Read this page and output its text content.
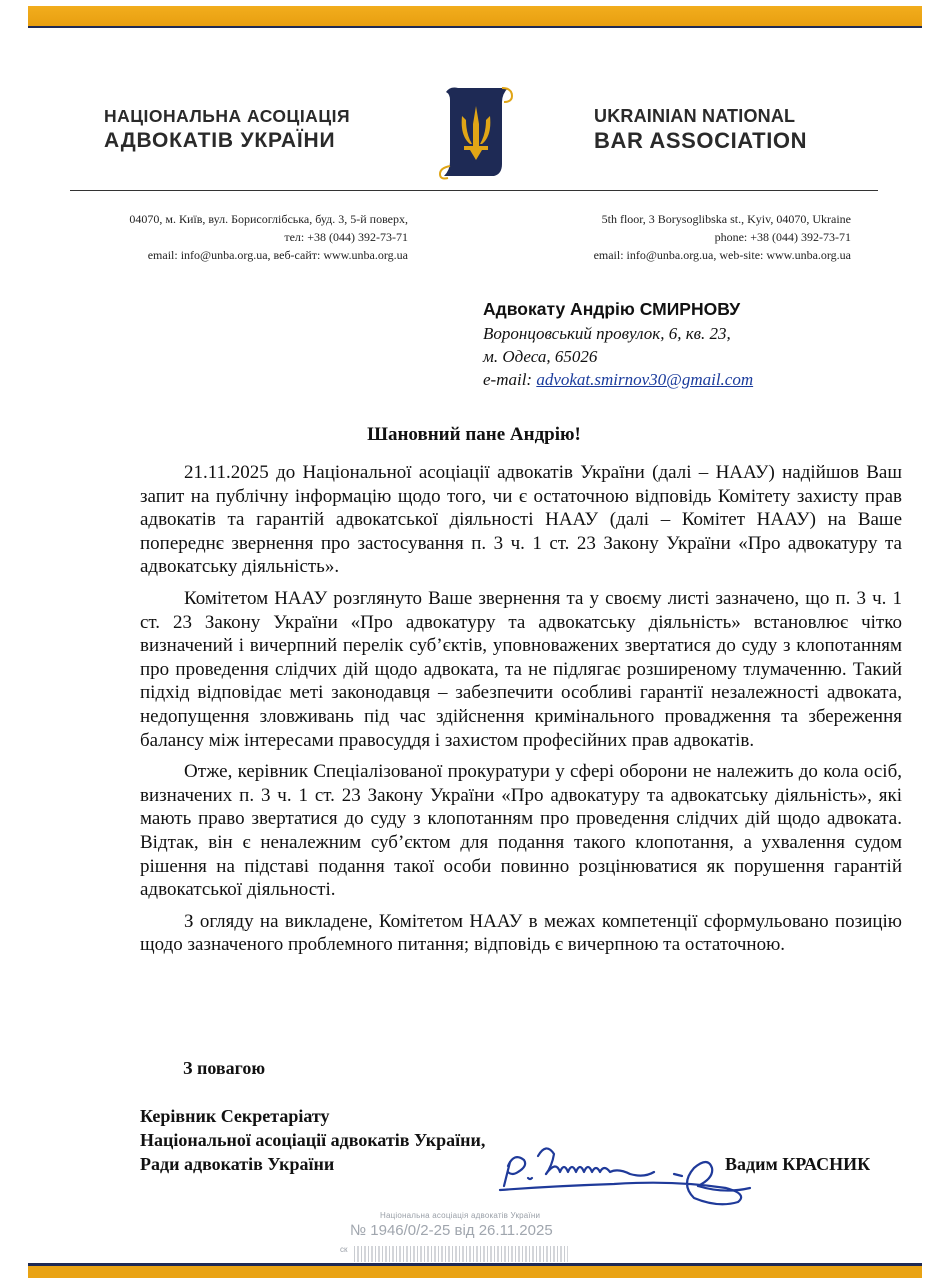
НАЦІОНАЛЬНА АСОЦІАЦІЯ
АДВОКАТІВ УКРАЇНИ
UKRAINIAN NATIONAL
BAR ASSOCIATION
04070, м. Київ, вул. Борисоглібська, буд. 3, 5-й поверх,
тел: +38 (044) 392-73-71
email: info@unba.org.ua, веб-сайт: www.unba.org.ua
5th floor, 3 Borysoglibska st., Kyiv, 04070, Ukraine
phone: +38 (044) 392-73-71
email: info@unba.org.ua, web-site: www.unba.org.ua
Адвокату Андрію СМИРНОВУ
Воронцовський провулок, 6, кв. 23,
м. Одеса, 65026
e-mail: advokat.smirnov30@gmail.com
Шановний пане Андрію!

21.11.2025 до Національної асоціації адвокатів України (далі – НААУ) надійшов Ваш запит на публічну інформацію щодо того, чи є остаточною відповідь Комітету захисту прав адвокатів та гарантій адвокатської діяльності НААУ (далі – Комітет НААУ) на Ваше попереднє звернення про застосування п. 3 ч. 1 ст. 23 Закону України «Про адвокатуру та адвокатську діяльність».

Комітетом НААУ розглянуто Ваше звернення та у своєму листі зазначено, що п. 3 ч. 1 ст. 23 Закону України «Про адвокатуру та адвокатську діяльність» встановлює чітко визначений і вичерпний перелік суб’єктів, уповноважених звертатися до суду з клопотанням про проведення слідчих дій щодо адвоката, та не підлягає розширеному тлумаченню. Такий підхід відповідає меті законодавця – забезпечити особливі гарантії незалежності адвоката, недопущення зловживань під час здійснення кримінального провадження та збереження балансу між інтересами правосуддя і захистом професійних прав адвокатів.

Отже, керівник Спеціалізованої прокуратури у сфері оборони не належить до кола осіб, визначених п. 3 ч. 1 ст. 23 Закону України «Про адвокатуру та адвокатську діяльність», які мають право звертатися до суду з клопотанням про проведення слідчих дій щодо адвоката. Відтак, він є неналежним суб’єктом для подання такого клопотання, а ухвалення судом рішення на підставі подання такої особи повинно розцінюватися як порушення гарантій адвокатської діяльності.

З огляду на викладене, Комітетом НААУ в межах компетенції сформульовано позицію щодо зазначеного проблемного питання; відповідь є вичерпною та остаточною.

З повагою
Керівник Секретаріату
Національної асоціації адвокатів України,
Ради адвокатів України	Вадим КРАСНИК
Національна асоціація адвокатів України
№ 1946/0/2-25 від 26.11.2025
ск
